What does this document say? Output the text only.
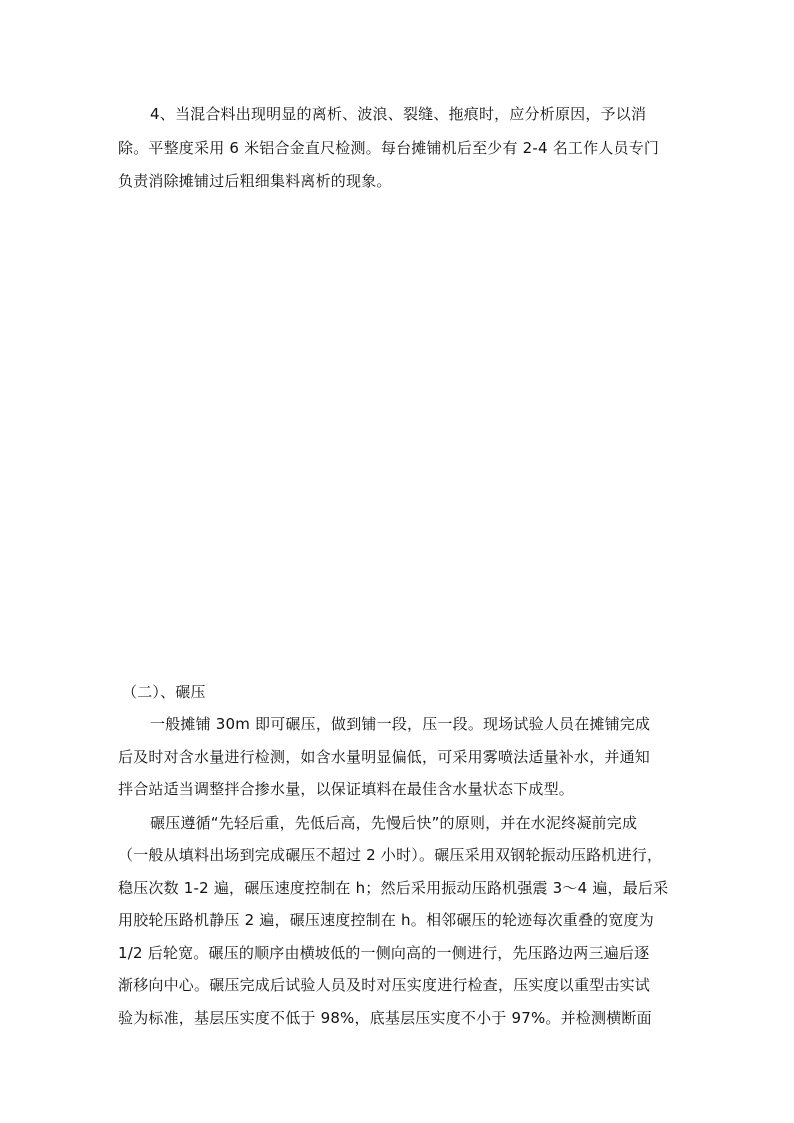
4、当混合料出现明显的离析、波浪、裂缝、拖痕时，应分析原因，予以消
除。平整度采用 6 米铝合金直尺检测。每台摊铺机后至少有 2-4 名工作人员专门
负责消除摊铺过后粗细集料离析的现象。
（二）、碾压
一般摊铺 30m 即可碾压，做到铺一段，压一段。现场试验人员在摊铺完成
后及时对含水量进行检测，如含水量明显偏低，可采用雾喷法适量补水，并通知
拌合站适当调整拌合掺水量，以保证填料在最佳含水量状态下成型。
碾压遵循“先轻后重，先低后高，先慢后快”的原则，并在水泥终凝前完成
（一般从填料出场到完成碾压不超过 2 小时）。碾压采用双钢轮振动压路机进行，
稳压次数 1-2 遍，碾压速度控制在 h；然后采用振动压路机强震 3～4 遍，最后采
用胶轮压路机静压 2 遍，碾压速度控制在 h。相邻碾压的轮迹每次重叠的宽度为
1/2 后轮宽。碾压的顺序由横坡低的一侧向高的一侧进行，先压路边两三遍后逐
渐移向中心。碾压完成后试验人员及时对压实度进行检查，压实度以重型击实试
验为标准，基层压实度不低于 98%，底基层压实度不小于 97%。并检测横断面
